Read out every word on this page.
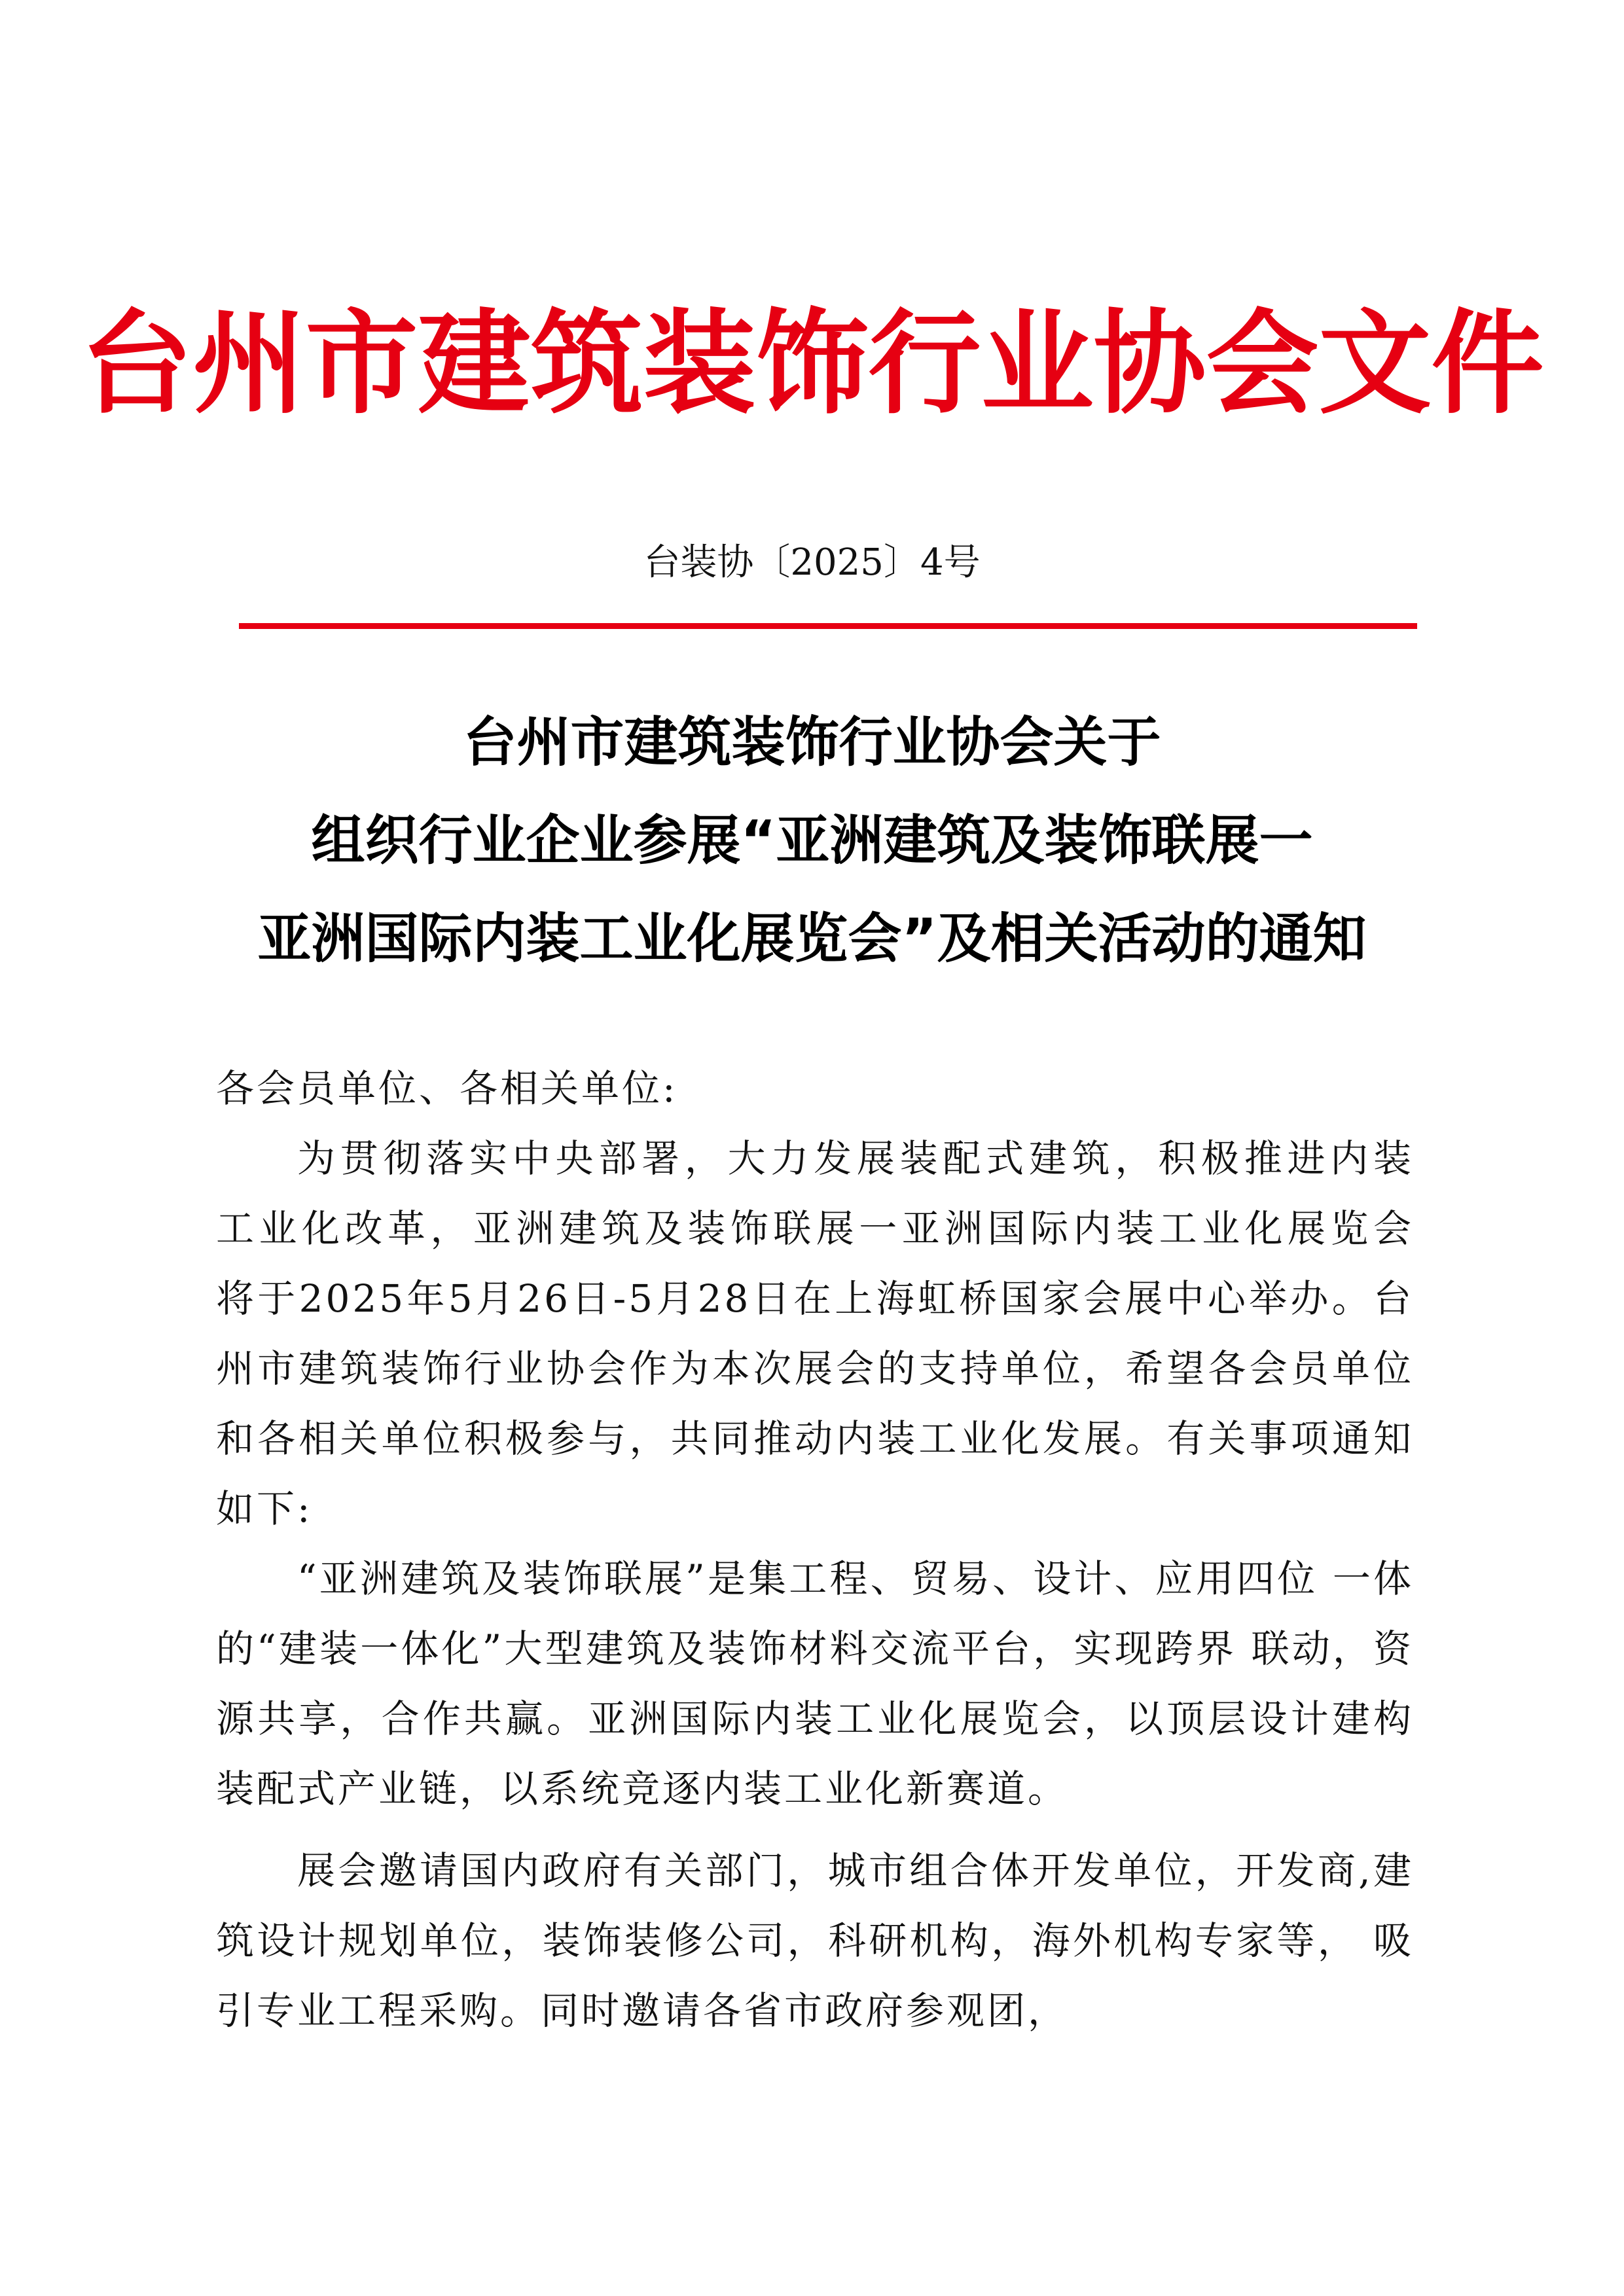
台州市建筑装饰行业协会文件
台装协〔2025〕4号
台州市建筑装饰行业协会关于
组织行业企业参展“亚洲建筑及装饰联展一
亚洲国际内装工业化展览会”及相关活动的通知

各会员单位、各相关单位:

为贯彻落实中央部署，大力发展装配式建筑，积极推进内装　工业化改革，亚洲建筑及装饰联展一亚洲国际内装工业化展览会　将于2025年5月26日-5月28日在上海虹桥国家会展中心举办。台州市建筑装饰行业协会作为本次展会的支持单位，希望各会员单位和各相关单位积极参与，共同推动内装工业化发展。有关事项通知如下:

“亚洲建筑及装饰联展”是集工程、贸易、设计、应用四位 一体的“建装一体化”大型建筑及装饰材料交流平台，实现跨界 联动，资源共享，合作共赢。亚洲国际内装工业化展览会，以顶层设计建构装配式产业链，以系统竞逐内装工业化新赛道。

展会邀请国内政府有关部门，城市组合体开发单位，开发商,建筑设计规划单位，装饰装修公司，科研机构，海外机构专家等， 吸引专业工程采购。同时邀请各省市政府参观团，
